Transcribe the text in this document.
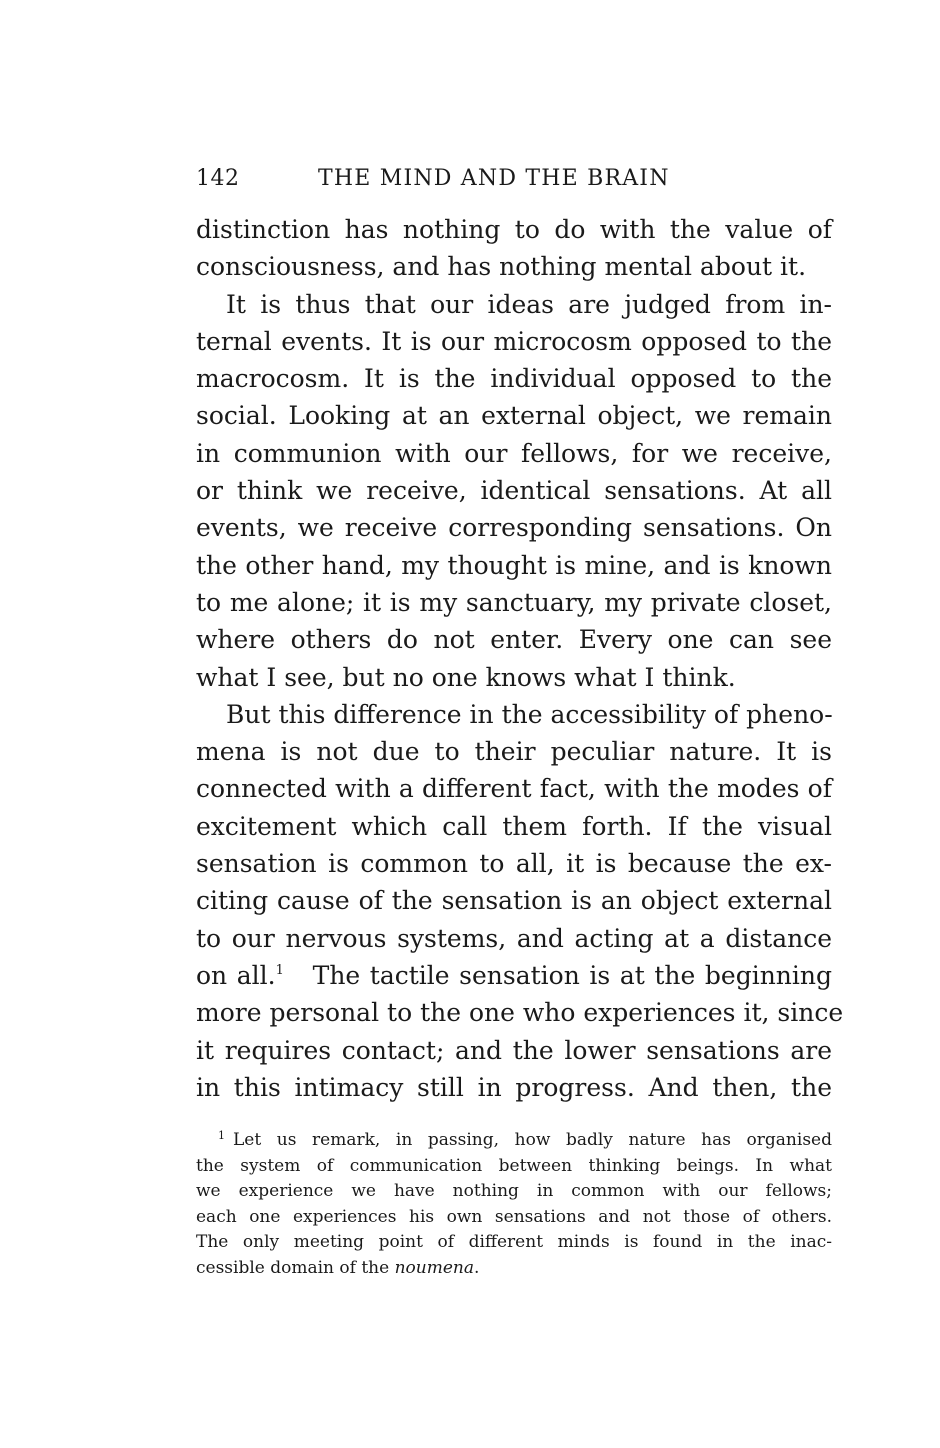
142	THE MIND AND THE BRAIN
distinction has nothing to do with the value of
consciousness, and has nothing mental about it.
It is thus that our ideas are judged from in-
ternal events. It is our microcosm opposed to the
macrocosm. It is the individual opposed to the
social. Looking at an external object, we remain
in communion with our fellows, for we receive,
or think we receive, identical sensations. At all
events, we receive corresponding sensations. On
the other hand, my thought is mine, and is known
to me alone; it is my sanctuary, my private closet,
where others do not enter. Every one can see
what I see, but no one knows what I think.
But this difference in the accessibility of pheno-
mena is not due to their peculiar nature. It is
connected with a different fact, with the modes of
excitement which call them forth. If the visual
sensation is common to all, it is because the ex-
citing cause of the sensation is an object external
to our nervous systems, and acting at a distance
on all.$^1$ The tactile sensation is at the beginning
more personal to the one who experiences it, since
it requires contact; and the lower sensations are
in this intimacy still in progress. And then, the
$^1$ Let us remark, in passing, how badly nature has organised
the system of communication between thinking beings. In what
we experience we have nothing in common with our fellows;
each one experiences his own sensations and not those of others.
The only meeting point of different minds is found in the inac-
cessible domain of the noumena.
